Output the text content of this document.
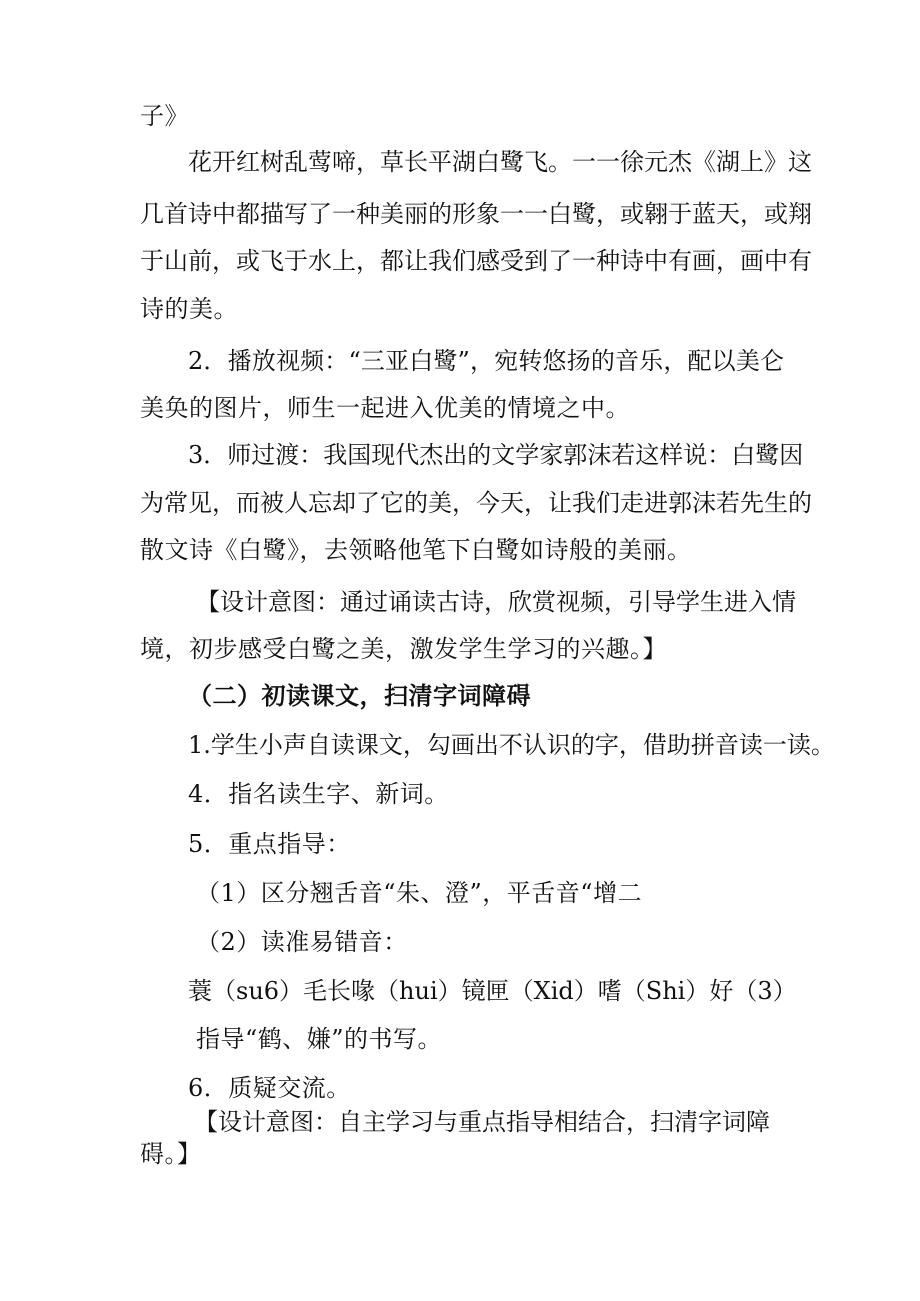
子》
花开红树乱莺啼，草长平湖白鹭飞。一一徐元杰《湖上》这
几首诗中都描写了一种美丽的形象一一白鹭，或翱于蓝天，或翔
于山前，或飞于水上，都让我们感受到了一种诗中有画，画中有
诗的美。
2．播放视频：“三亚白鹭”，宛转悠扬的音乐，配以美仑
美奂的图片，师生一起进入优美的情境之中。
3．师过渡：我国现代杰出的文学家郭沫若这样说：白鹭因
为常见，而被人忘却了它的美，今天，让我们走进郭沫若先生的
散文诗《白鹭》，去领略他笔下白鹭如诗般的美丽。
【设计意图：通过诵读古诗，欣赏视频，引导学生进入情
境，初步感受白鹭之美，激发学生学习的兴趣。】
（二）初读课文，扫清字词障碍
1.学生小声自读课文，勾画出不认识的字，借助拼音读一读。
4．指名读生字、新词。
5．重点指导：
（1）区分翘舌音“朱、澄”，平舌音“增二
（2）读准易错音：
蓑（su6）毛长喙（hui）镜匣（Xid）嗜（Shi）好（3）
指导“鹤、嫌”的书写。
6．质疑交流。
【设计意图：自主学习与重点指导相结合，扫清字词障
碍。】
